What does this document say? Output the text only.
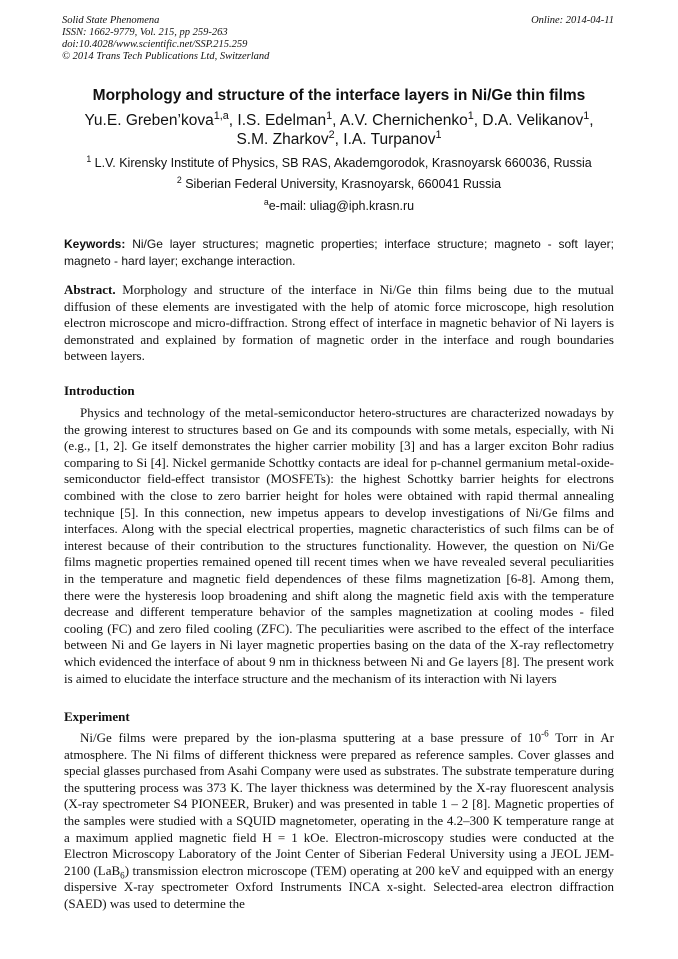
Solid State Phenomena
ISSN: 1662-9779, Vol. 215, pp 259-263
doi:10.4028/www.scientific.net/SSP.215.259
© 2014 Trans Tech Publications Ltd, Switzerland
Online: 2014-04-11
Morphology and structure of the interface layers in Ni/Ge thin films
Yu.E. Greben’kova$^{1,a}$, I.S. Edelman$^1$, A.V. Chernichenko$^1$, D.A. Velikanov$^1$,
S.M. Zharkov$^2$, I.A. Turpanov$^1$
$^1$ L.V. Kirensky Institute of Physics, SB RAS, Akademgorodok, Krasnoyarsk 660036, Russia
$^2$ Siberian Federal University, Krasnoyarsk, 660041 Russia
$^a$e-mail: uliag@iph.krasn.ru
Keywords: Ni/Ge layer structures; magnetic properties; interface structure; magneto - soft layer; magneto - hard layer; exchange interaction.
Abstract. Morphology and structure of the interface in Ni/Ge thin films being due to the mutual diffusion of these elements are investigated with the help of atomic force microscope, high resolution electron microscope and micro-diffraction. Strong effect of interface in magnetic behavior of Ni layers is demonstrated and explained by formation of magnetic order in the interface and rough boundaries between layers.
Introduction
Physics and technology of the metal-semiconductor hetero-structures are characterized nowadays by the growing interest to structures based on Ge and its compounds with some metals, especially, with Ni (e.g., [1, 2]. Ge itself demonstrates the higher carrier mobility [3] and has a larger exciton Bohr radius comparing to Si [4]. Nickel germanide Schottky contacts are ideal for p-channel germanium metal-oxide-semiconductor field-effect transistor (MOSFETs): the highest Schottky barrier heights for electrons combined with the close to zero barrier height for holes were obtained with rapid thermal annealing technique [5]. In this connection, new impetus appears to develop investigations of Ni/Ge films and interfaces. Along with the special electrical properties, magnetic characteristics of such films can be of interest because of their contribution to the structures functionality. However, the question on Ni/Ge films magnetic properties remained opened till recent times when we have revealed several peculiarities in the temperature and magnetic field dependences of these films magnetization [6-8]. Among them, there were the hysteresis loop broadening and shift along the magnetic field axis with the temperature decrease and different temperature behavior of the samples magnetization at cooling modes - filed cooling (FC) and zero filed cooling (ZFC). The peculiarities were ascribed to the effect of the interface between Ni and Ge layers in Ni layer magnetic properties basing on the data of the X-ray reflectometry which evidenced the interface of about 9 nm in thickness between Ni and Ge layers [8]. The present work is aimed to elucidate the interface structure and the mechanism of its interaction with Ni layers
Experiment
Ni/Ge films were prepared by the ion-plasma sputtering at a base pressure of $10^{-6}$ Torr in Ar atmosphere. The Ni films of different thickness were prepared as reference samples. Cover glasses and special glasses purchased from Asahi Company were used as substrates. The substrate temperature during the sputtering process was 373 K. The layer thickness was determined by the X-ray fluorescent analysis (X-ray spectrometer S4 PIONEER, Bruker) and was presented in table 1 – 2 [8]. Magnetic properties of the samples were studied with a SQUID magnetometer, operating in the 4.2–300 K temperature range at a maximum applied magnetic field H = 1 kOe. Electron-microscopy studies were conducted at the Electron Microscopy Laboratory of the Joint Center of Siberian Federal University using a JEOL JEM-2100 (LaB$_6$) transmission electron microscope (TEM) operating at 200 keV and equipped with an energy dispersive X-ray spectrometer Oxford Instruments INCA x-sight. Selected-area electron diffraction (SAED) was used to determine the
